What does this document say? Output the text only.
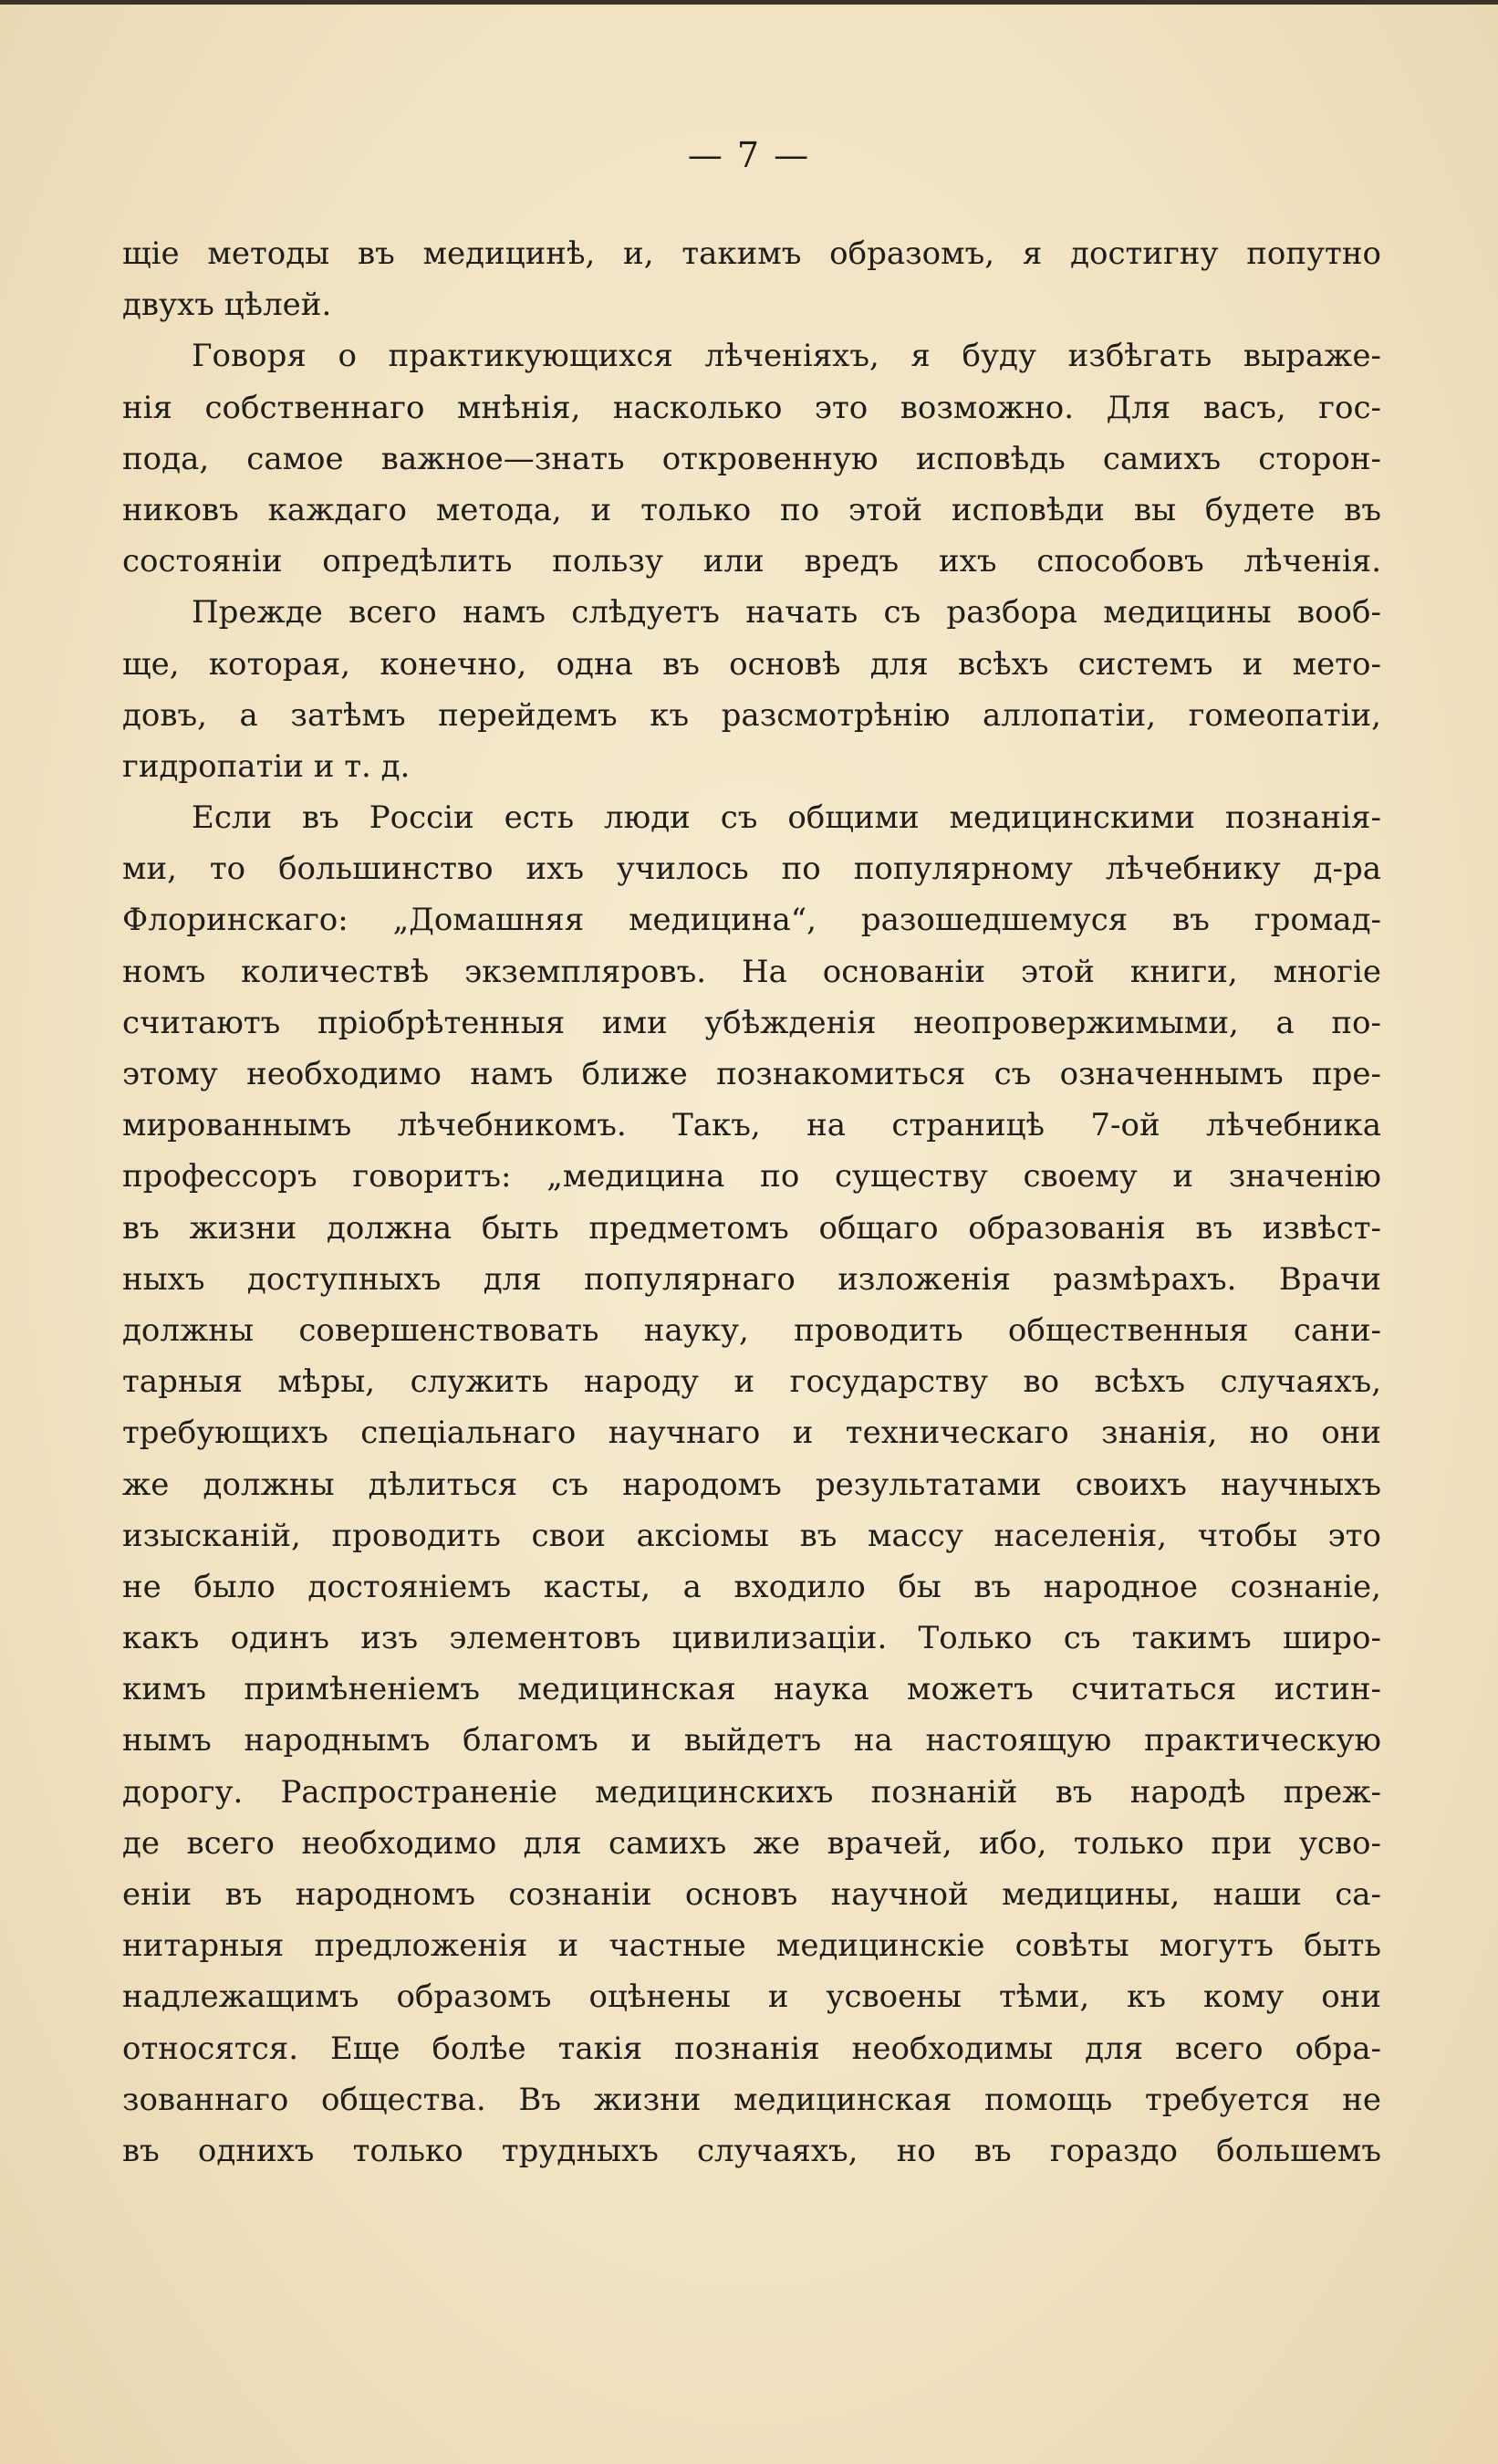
— 7 —
щіе методы въ медицинѣ, и, такимъ образомъ, я достигну попутно
двухъ цѣлей.
Говоря о практикующихся лѣченіяхъ, я буду избѣгать выраже-
нія собственнаго мнѣнія, насколько это возможно. Для васъ, гос-
пода, самое важное—знать откровенную исповѣдь самихъ сторон-
никовъ каждаго метода, и только по этой исповѣди вы будете въ
состояніи опредѣлить пользу или вредъ ихъ способовъ лѣченія.
Прежде всего намъ слѣдуетъ начать съ разбора медицины вооб-
ще, которая, конечно, одна въ основѣ для всѣхъ системъ и мето-
довъ, а затѣмъ перейдемъ къ разсмотрѣнію аллопатіи, гомеопатіи,
гидропатіи и т. д.
Если въ Россіи есть люди съ общими медицинскими познанія-
ми, то большинство ихъ училось по популярному лѣчебнику д-ра
Флоринскаго: „Домашняя медицина“, разошедшемуся въ громад-
номъ количествѣ экземпляровъ. На основаніи этой книги, многіе
считаютъ пріобрѣтенныя ими убѣжденія неопровержимыми, а по-
этому необходимо намъ ближе познакомиться съ означеннымъ пре-
мированнымъ лѣчебникомъ. Такъ, на страницѣ 7-ой лѣчебника
профессоръ говоритъ: „медицина по существу своему и значенію
въ жизни должна быть предметомъ общаго образованія въ извѣст-
ныхъ доступныхъ для популярнаго изложенія размѣрахъ. Врачи
должны совершенствовать науку, проводить общественныя сани-
тарныя мѣры, служить народу и государству во всѣхъ случаяхъ,
требующихъ спеціальнаго научнаго и техническаго знанія, но они
же должны дѣлиться съ народомъ результатами своихъ научныхъ
изысканій, проводить свои аксіомы въ массу населенія, чтобы это
не было достояніемъ касты, а входило бы въ народное сознаніе,
какъ одинъ изъ элементовъ цивилизаціи. Только съ такимъ широ-
кимъ примѣненіемъ медицинская наука можетъ считаться истин-
нымъ народнымъ благомъ и выйдетъ на настоящую практическую
дорогу. Распространеніе медицинскихъ познаній въ народѣ преж-
де всего необходимо для самихъ же врачей, ибо, только при усво-
еніи въ народномъ сознаніи основъ научной медицины, наши са-
нитарныя предложенія и частные медицинскіе совѣты могутъ быть
надлежащимъ образомъ оцѣнены и усвоены тѣми, къ кому они
относятся. Еще болѣе такія познанія необходимы для всего обра-
зованнаго общества. Въ жизни медицинская помощь требуется не
въ однихъ только трудныхъ случаяхъ, но въ гораздо большемъ
